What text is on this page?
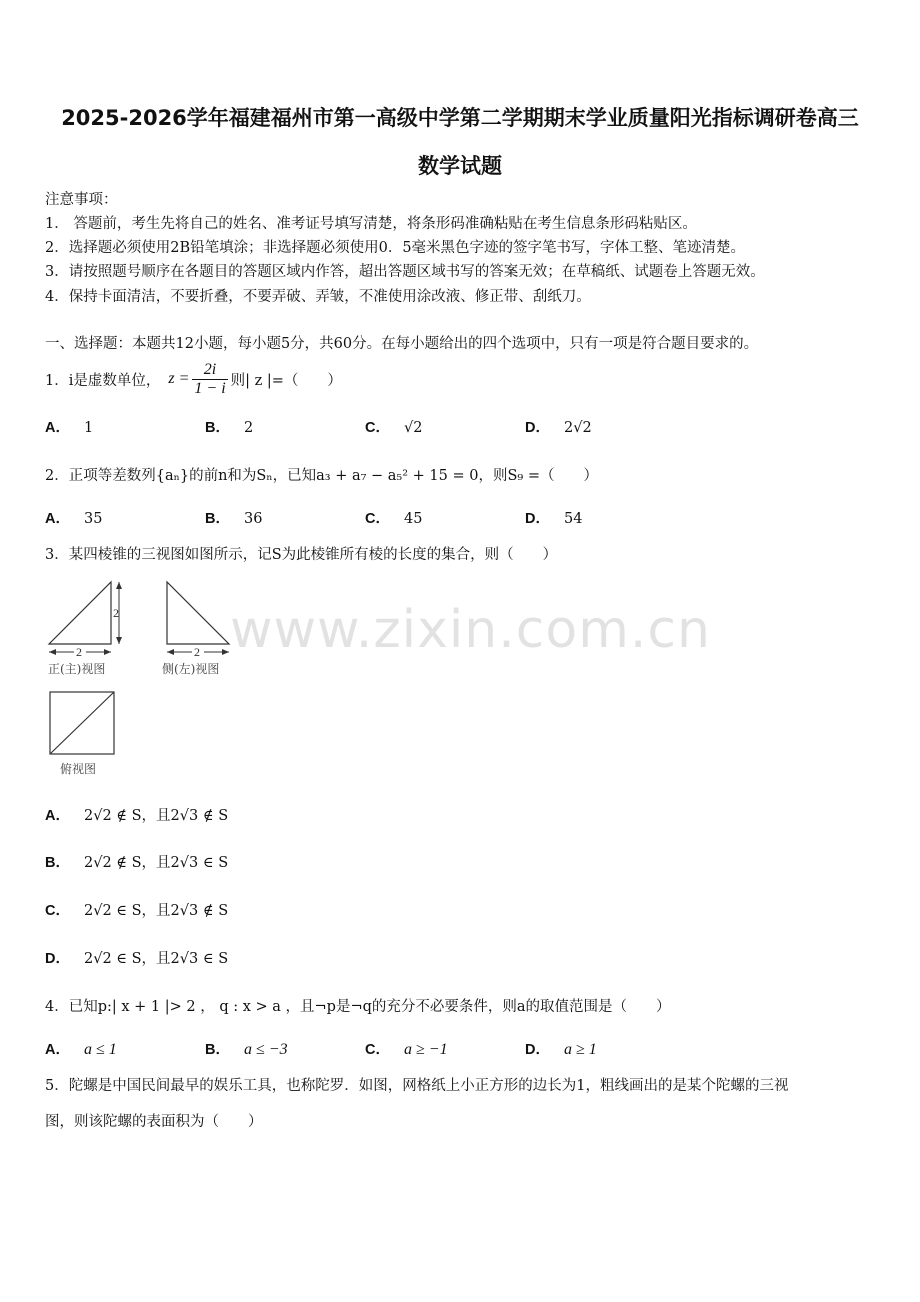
2025-2026学年福建福州市第一高级中学第二学期期末学业质量阳光指标调研卷高三
数学试题
注意事项：
1． 答题前，考生先将自己的姓名、准考证号填写清楚，将条形码准确粘贴在考生信息条形码粘贴区。
2．选择题必须使用2B铅笔填涂；非选择题必须使用0．5毫米黑色字迹的签字笔书写，字体工整、笔迹清楚。
3．请按照题号顺序在各题目的答题区域内作答，超出答题区域书写的答案无效；在草稿纸、试题卷上答题无效。
4．保持卡面清洁，不要折叠，不要弄破、弄皱，不准使用涂改液、修正带、刮纸刀。
一、选择题：本题共12小题，每小题5分，共60分。在每小题给出的四个选项中，只有一项是符合题目要求的。
1．i是虚数单位， $z = \frac{2i}{1 - i}$ 则| z |=（　　）
A． 1	B． 2	C． √2	D． 2√2
2．正项等差数列{aₙ}的前n和为Sₙ，已知a₃ + a₇ − a₅² + 15 = 0，则S₉ =（　　）
A． 35	B． 36	C． 45	D． 54
3．某四棱锥的三视图如图所示，记S为此棱锥所有棱的长度的集合，则（　　）
2
2
正(主)视图
2
侧(左)视图
俯视图
A． 2√2 ∉ S，且2√3 ∉ S
B． 2√2 ∉ S，且2√3 ∈ S
C． 2√2 ∈ S，且2√3 ∉ S
D． 2√2 ∈ S，且2√3 ∈ S
4．已知p:| x + 1 |> 2 ， q : x > a ，且¬p是¬q的充分不必要条件，则a的取值范围是（　　）
A． a ≤ 1	B． a ≤ −3	C． a ≥ −1	D． a ≥ 1
5．陀螺是中国民间最早的娱乐工具，也称陀罗．如图，网格纸上小正方形的边长为1，粗线画出的是某个陀螺的三视
图，则该陀螺的表面积为（　　）
www.zixin.com.cn
